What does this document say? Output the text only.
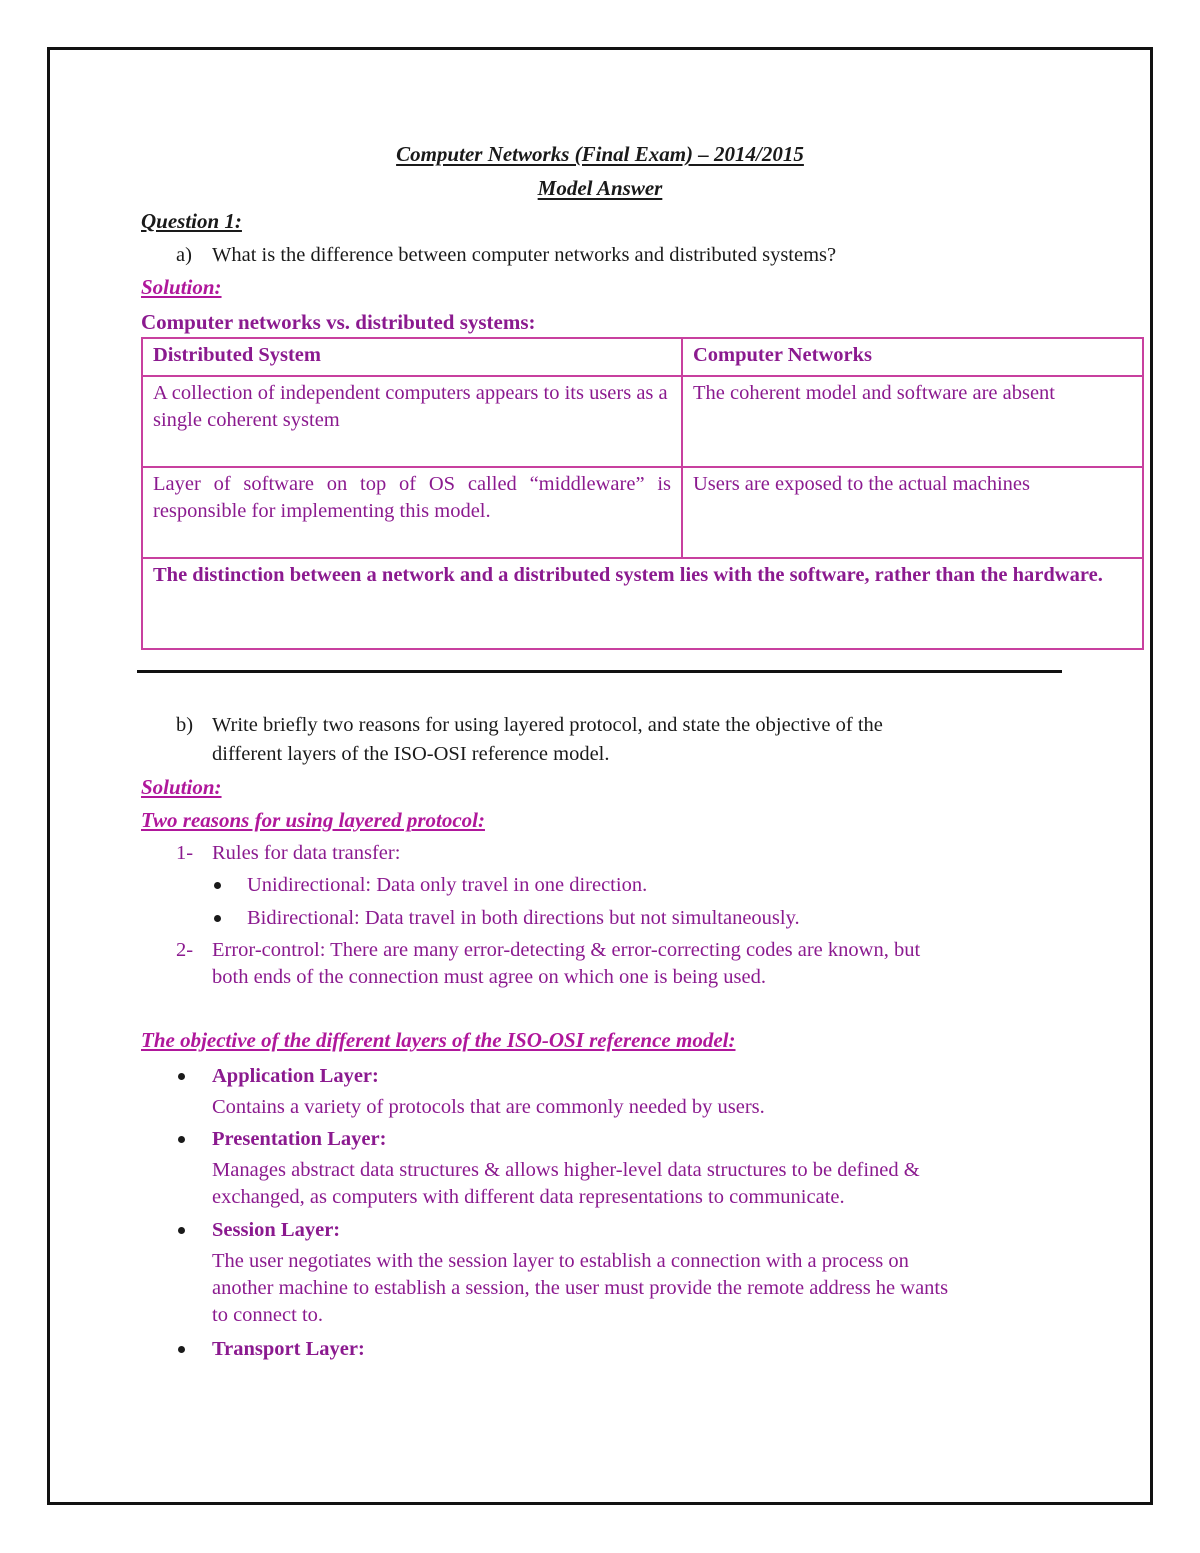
Computer Networks (Final Exam) – 2014/2015
Model Answer
Question 1:
a) What is the difference between computer networks and distributed systems?
Solution:
Computer networks vs. distributed systems:
Distributed System	Computer Networks
A collection of independent computers appears to its users as a single coherent system	The coherent model and software are absent
Layer of software on top of OS called “middleware” is responsible for implementing this model.	Users are exposed to the actual machines
The distinction between a network and a distributed system lies with the software, rather than the hardware.	
b) Write briefly two reasons for using layered protocol, and state the objective of the
different layers of the ISO-OSI reference model.
Solution:
Two reasons for using layered protocol:
1- Rules for data transfer:
Unidirectional: Data only travel in one direction.
Bidirectional: Data travel in both directions but not simultaneously.
2- Error-control: There are many error-detecting & error-correcting codes are known, but
both ends of the connection must agree on which one is being used.
The objective of the different layers of the ISO-OSI reference model:
Application Layer:
Contains a variety of protocols that are commonly needed by users.
Presentation Layer:
Manages abstract data structures & allows higher-level data structures to be defined &
exchanged, as computers with different data representations to communicate.
Session Layer:
The user negotiates with the session layer to establish a connection with a process on
another machine to establish a session, the user must provide the remote address he wants
to connect to.
Transport Layer:
